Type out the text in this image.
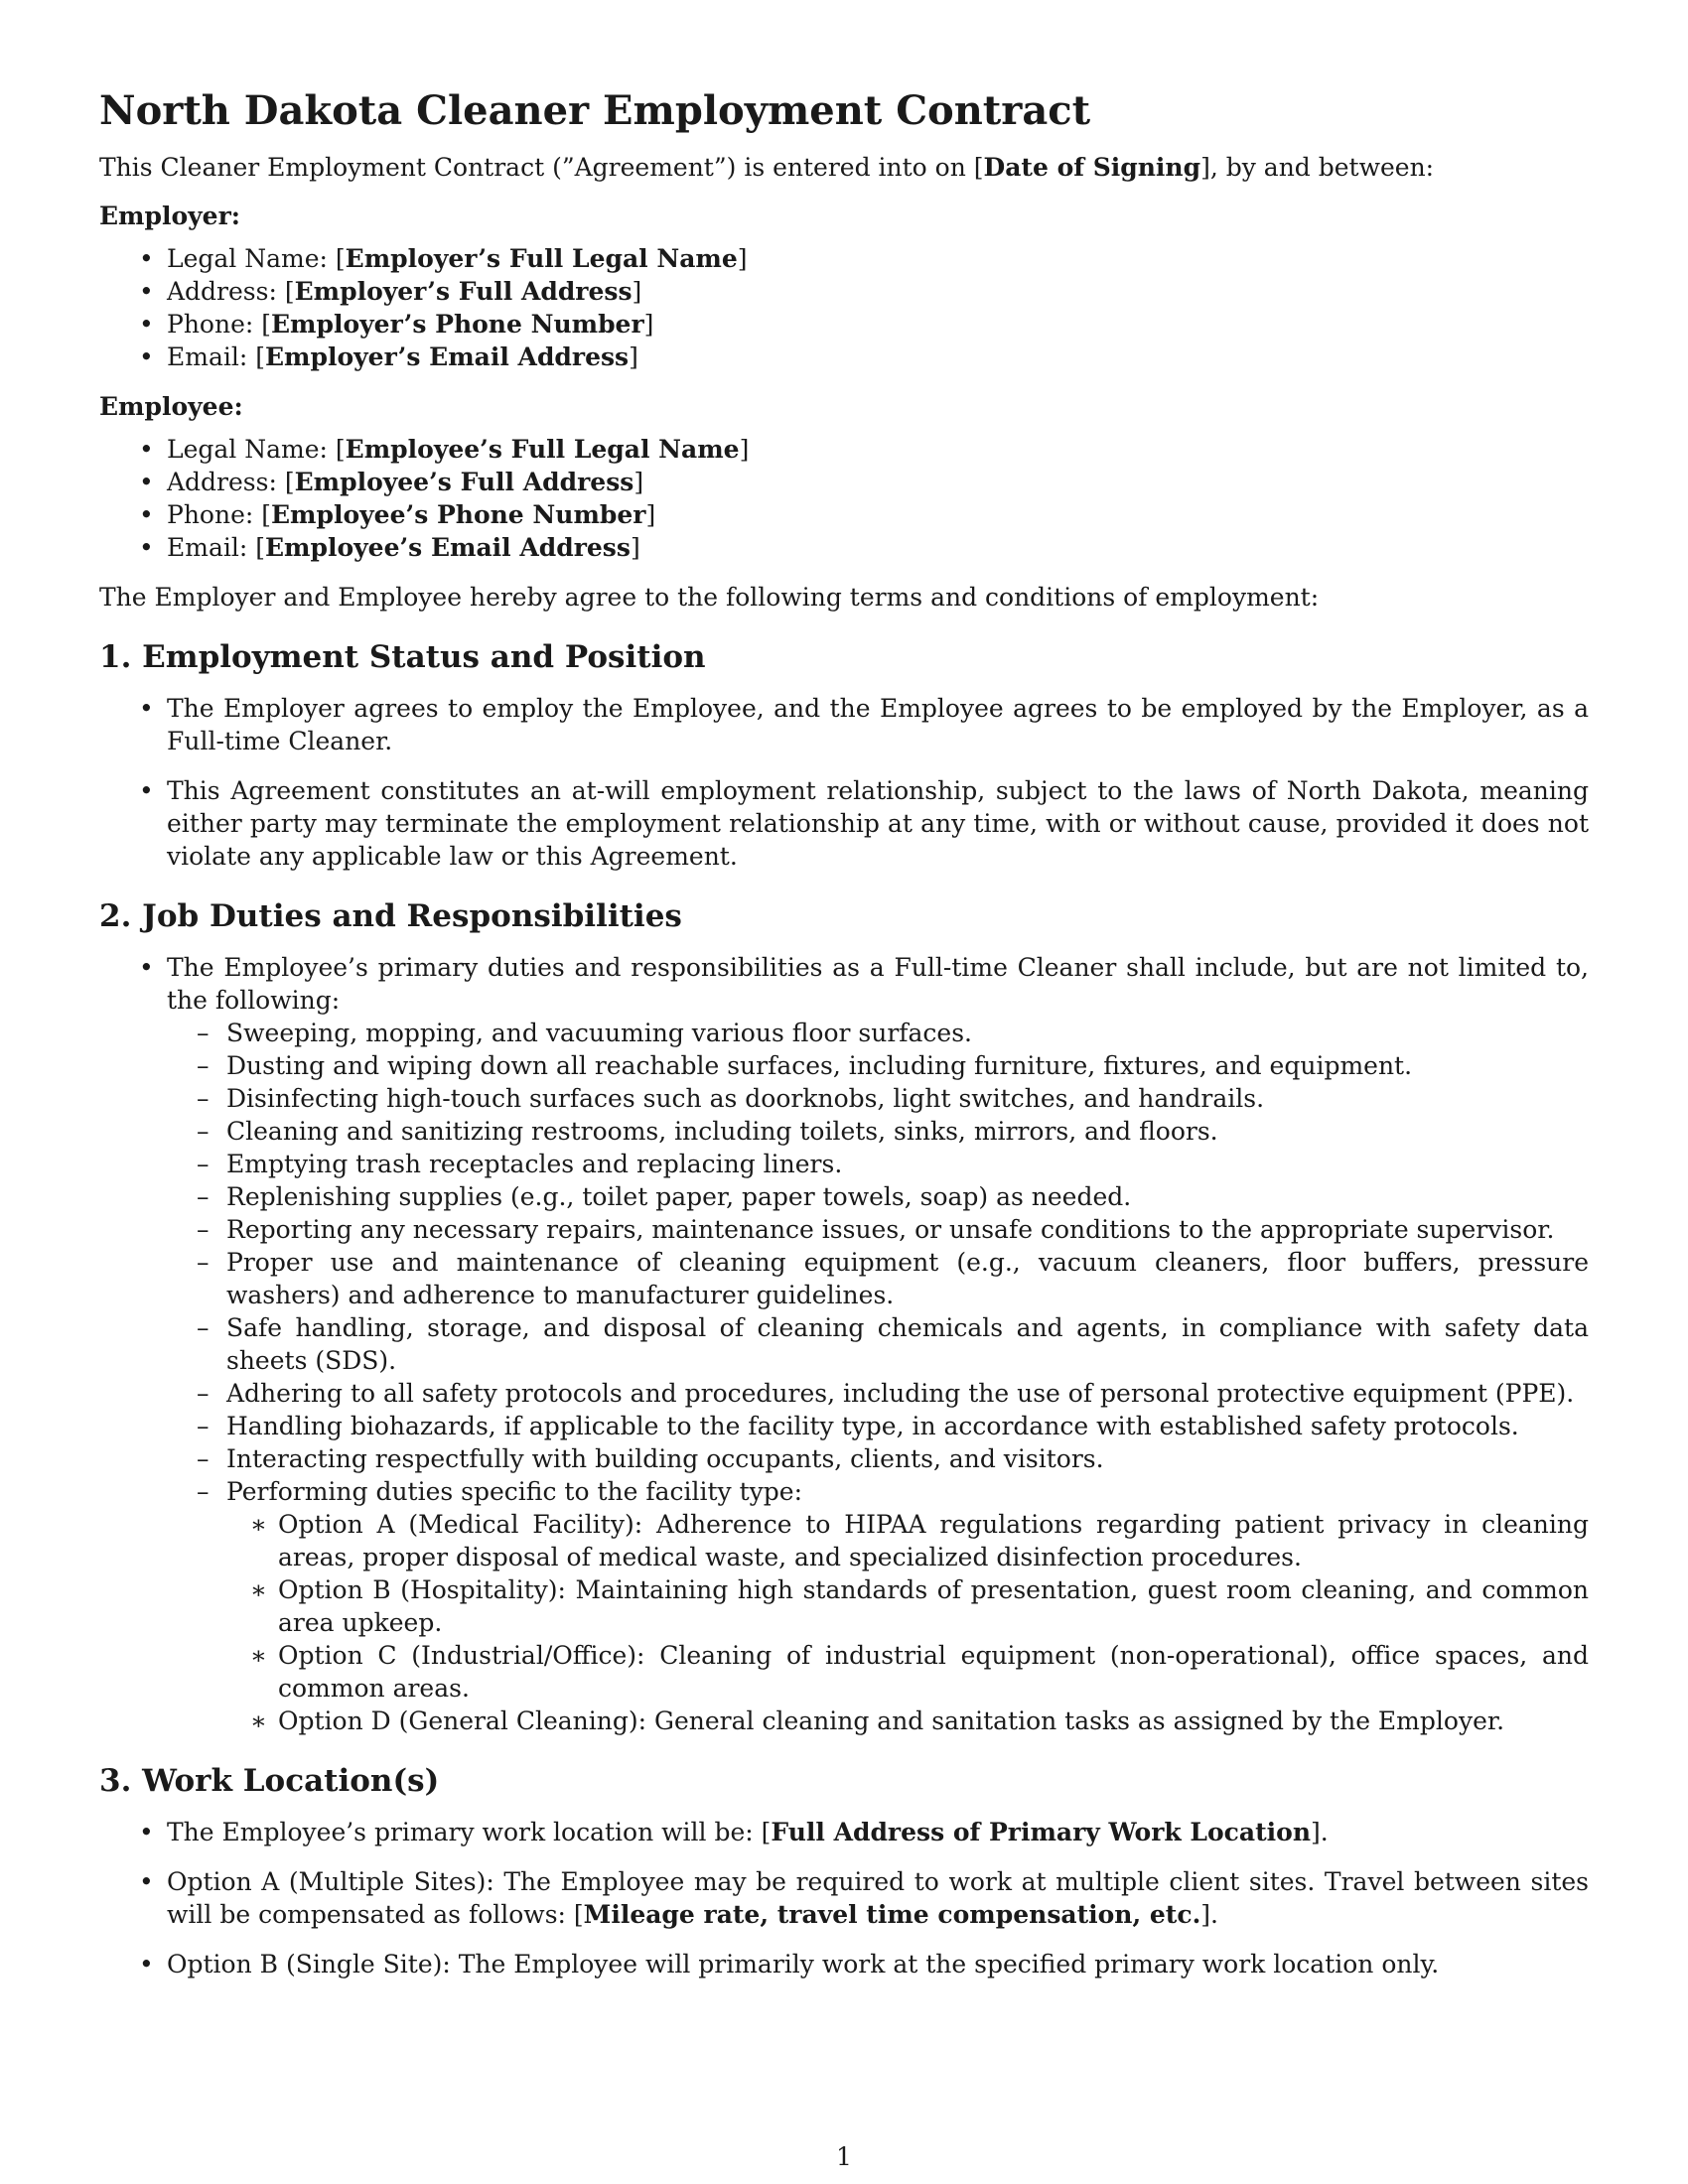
North Dakota Cleaner Employment Contract

This Cleaner Employment Contract (”Agreement”) is entered into on [Date of Signing], by and between:

Employer:
• Legal Name: [Employer’s Full Legal Name]
• Address: [Employer’s Full Address]
• Phone: [Employer’s Phone Number]
• Email: [Employer’s Email Address]
Employee:
• Legal Name: [Employee’s Full Legal Name]
• Address: [Employee’s Full Address]
• Phone: [Employee’s Phone Number]
• Email: [Employee’s Email Address]

The Employer and Employee hereby agree to the following terms and conditions of employment:

1. Employment Status and Position
• The Employer agrees to employ the Employee, and the Employee agrees to be employed by the Employer, as a Full-time Cleaner.
• This Agreement constitutes an at-will employment relationship, subject to the laws of North Dakota, meaning either party may terminate the employment relationship at any time, with or without cause, provided it does not violate any applicable law or this Agreement.
2. Job Duties and Responsibilities
• The Employee’s primary duties and responsibilities as a Full-time Cleaner shall include, but are not limited to, the following:
– Sweeping, mopping, and vacuuming various floor surfaces.
– Dusting and wiping down all reachable surfaces, including furniture, fixtures, and equipment.
– Disinfecting high-touch surfaces such as doorknobs, light switches, and handrails.
– Cleaning and sanitizing restrooms, including toilets, sinks, mirrors, and floors.
– Emptying trash receptacles and replacing liners.
– Replenishing supplies (e.g., toilet paper, paper towels, soap) as needed.
– Reporting any necessary repairs, maintenance issues, or unsafe conditions to the appropriate supervisor.
– Proper use and maintenance of cleaning equipment (e.g., vacuum cleaners, floor buffers, pressure washers) and adherence to manufacturer guidelines.
– Safe handling, storage, and disposal of cleaning chemicals and agents, in compliance with safety data sheets (SDS).
– Adhering to all safety protocols and procedures, including the use of personal protective equipment (PPE).
– Handling biohazards, if applicable to the facility type, in accordance with established safety protocols.
– Interacting respectfully with building occupants, clients, and visitors.
– Performing duties specific to the facility type:
∗ Option A (Medical Facility): Adherence to HIPAA regulations regarding patient privacy in cleaning areas, proper disposal of medical waste, and specialized disinfection procedures.
∗ Option B (Hospitality): Maintaining high standards of presentation, guest room cleaning, and common area upkeep.
∗ Option C (Industrial/Office): Cleaning of industrial equipment (non-operational), office spaces, and common areas.
∗ Option D (General Cleaning): General cleaning and sanitation tasks as assigned by the Employer.
3. Work Location(s)
• The Employee’s primary work location will be: [Full Address of Primary Work Location].
• Option A (Multiple Sites): The Employee may be required to work at multiple client sites. Travel between sites will be compensated as follows: [Mileage rate, travel time compensation, etc.].
• Option B (Single Site): The Employee will primarily work at the specified primary work location only.
1
